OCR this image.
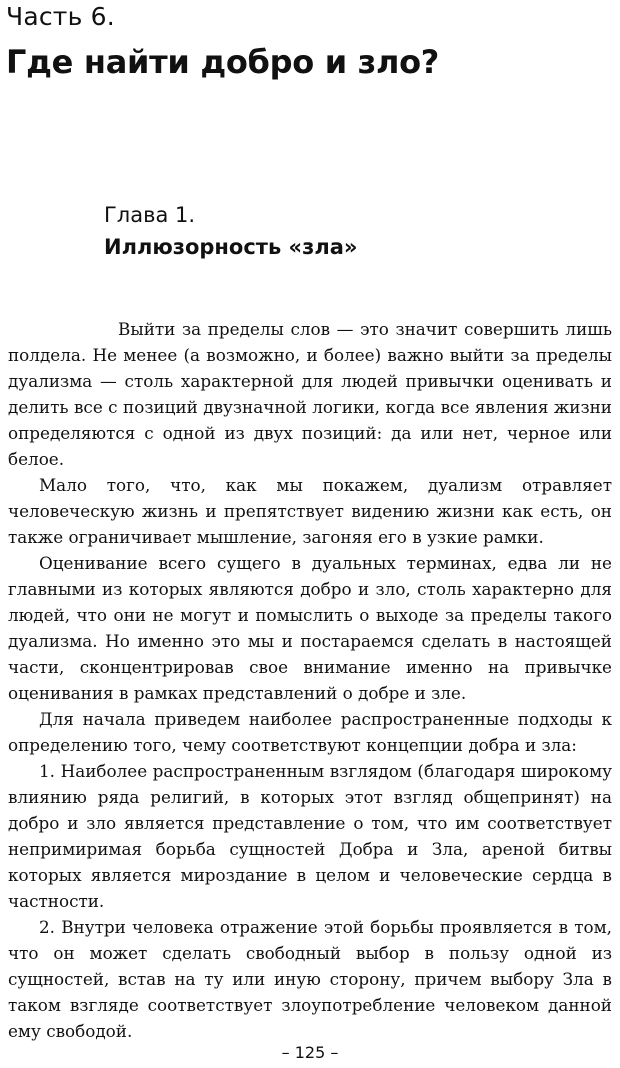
Часть 6.
Где найти добро и зло?
Глава 1.
Иллюзорность «зла»

Выйти за пределы слов — это значит совершить лишь полдела. Не менее (а возможно, и более) важно выйти за пределы дуализма — столь характерной для людей привычки оценивать и делить все с позиций двузначной логики, когда все явления жизни определяются с одной из двух позиций: да или нет, черное или белое.

Мало того, что, как мы покажем, дуализм отравляет человеческую жизнь и препятствует видению жизни как есть, он также ограничивает мышление, загоняя его в узкие рамки.

Оценивание всего сущего в дуальных терминах, едва ли не главными из которых являются добро и зло, столь характерно для людей, что они не могут и помыслить о выходе за пределы такого дуализма. Но именно это мы и постараемся сделать в настоящей части, сконцентрировав свое внимание именно на привычке оценивания в рамках представлений о добре и зле.

Для начала приведем наиболее распространенные подходы к определению того, чему соответствуют концепции добра и зла:

1. Наиболее распространенным взглядом (благодаря широкому влиянию ряда религий, в которых этот взгляд общепринят) на добро и зло является представление о том, что им соответствует непримиримая борьба сущностей Добра и Зла, ареной битвы которых является мироздание в целом и человеческие сердца в частности.

2. Внутри человека отражение этой борьбы проявляется в том, что он может сделать свободный выбор в пользу одной из сущностей, встав на ту или иную сторону, причем выбору Зла в таком взгляде соответствует злоупотребление человеком данной ему свободой.

– 125 –
